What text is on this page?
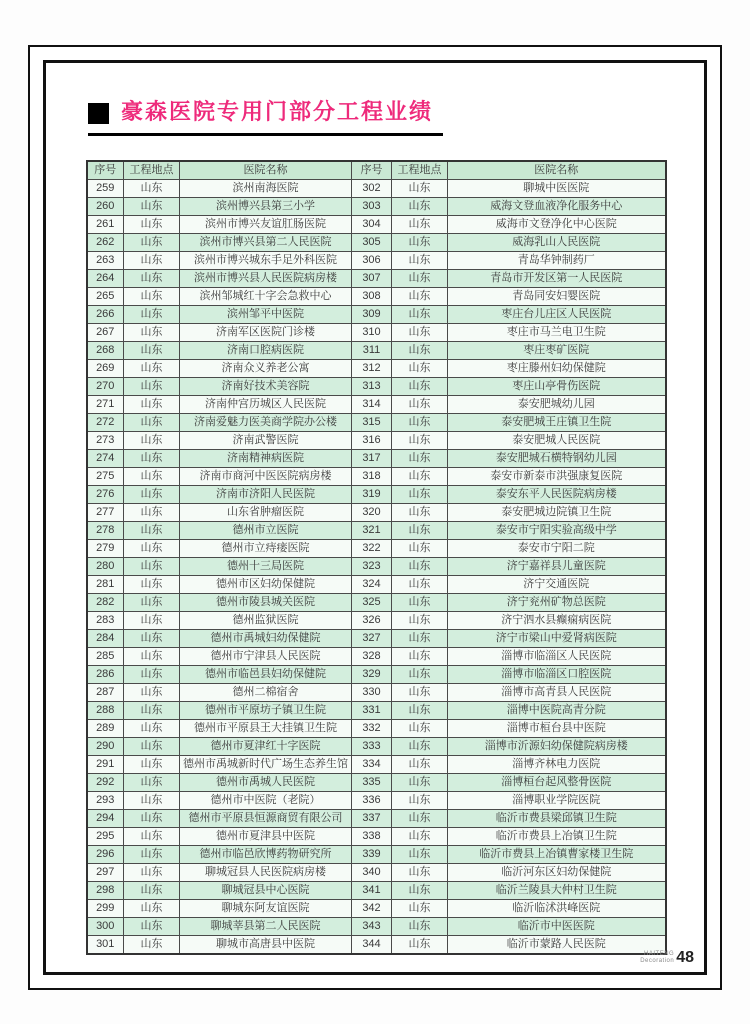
豪森医院专用门部分工程业绩
序号	工程地点	医院名称	序号	工程地点	医院名称
259	山东	滨州南海医院	302	山东	聊城中医医院
260	山东	滨州博兴县第三小学	303	山东	威海文登血液净化服务中心
261	山东	滨州市博兴友谊肛肠医院	304	山东	威海市文登净化中心医院
262	山东	滨州市博兴县第二人民医院	305	山东	威海乳山人民医院
263	山东	滨州市博兴城东手足外科医院	306	山东	青岛华钟制药厂
264	山东	滨州市博兴县人民医院病房楼	307	山东	青岛市开发区第一人民医院
265	山东	滨州邹城红十字会急救中心	308	山东	青岛同安妇婴医院
266	山东	滨州邹平中医院	309	山东	枣庄台儿庄区人民医院
267	山东	济南军区医院门诊楼	310	山东	枣庄市马兰电卫生院
268	山东	济南口腔病医院	311	山东	枣庄枣矿医院
269	山东	济南众义养老公寓	312	山东	枣庄滕州妇幼保健院
270	山东	济南好技术美容院	313	山东	枣庄山亭骨伤医院
271	山东	济南仲宫历城区人民医院	314	山东	泰安肥城幼儿园
272	山东	济南爱魅力医美商学院办公楼	315	山东	泰安肥城王庄镇卫生院
273	山东	济南武警医院	316	山东	泰安肥城人民医院
274	山东	济南精神病医院	317	山东	泰安肥城石横特钢幼儿园
275	山东	济南市商河中医医院病房楼	318	山东	泰安市新泰市洪强康复医院
276	山东	济南市济阳人民医院	319	山东	泰安东平人民医院病房楼
277	山东	山东省肿瘤医院	320	山东	泰安肥城边院镇卫生院
278	山东	德州市立医院	321	山东	泰安市宁阳实验高级中学
279	山东	德州市立痔瘘医院	322	山东	泰安市宁阳二院
280	山东	德州十三局医院	323	山东	济宁嘉祥县儿童医院
281	山东	德州市区妇幼保健院	324	山东	济宁交通医院
282	山东	德州市陵县城关医院	325	山东	济宁兖州矿物总医院
283	山东	德州监狱医院	326	山东	济宁泗水县癫痫病医院
284	山东	德州市禹城妇幼保健院	327	山东	济宁市梁山中爱肾病医院
285	山东	德州市宁津县人民医院	328	山东	淄博市临淄区人民医院
286	山东	德州市临邑县妇幼保健院	329	山东	淄博市临淄区口腔医院
287	山东	德州二棉宿舍	330	山东	淄博市高青县人民医院
288	山东	德州市平原坊子镇卫生院	331	山东	淄博中医院高青分院
289	山东	德州市平原县王大挂镇卫生院	332	山东	淄博市桓台县中医院
290	山东	德州市夏津红十字医院	333	山东	淄博市沂源妇幼保健院病房楼
291	山东	德州市禹城新时代广场生态养生馆	334	山东	淄博齐林电力医院
292	山东	德州市禹城人民医院	335	山东	淄博桓台起风整骨医院
293	山东	德州市中医院（老院）	336	山东	淄博职业学院医院
294	山东	德州市平原县恒源商贸有限公司	337	山东	临沂市费县梁邱镇卫生院
295	山东	德州市夏津县中医院	338	山东	临沂市费县上冶镇卫生院
296	山东	德州市临邑欣博药物研究所	339	山东	临沂市费县上冶镇曹家楼卫生院
297	山东	聊城冠县人民医院病房楼	340	山东	临沂河东区妇幼保健院
298	山东	聊城冠县中心医院	341	山东	临沂兰陵县大仲村卫生院
299	山东	聊城东阿友谊医院	342	山东	临沂临沭洪峰医院
300	山东	聊城莘县第二人民医院	343	山东	临沂市中医医院
301	山东	聊城市高唐县中医院	344	山东	临沂市蒙路人民医院
HAITENG
Decoration 48
